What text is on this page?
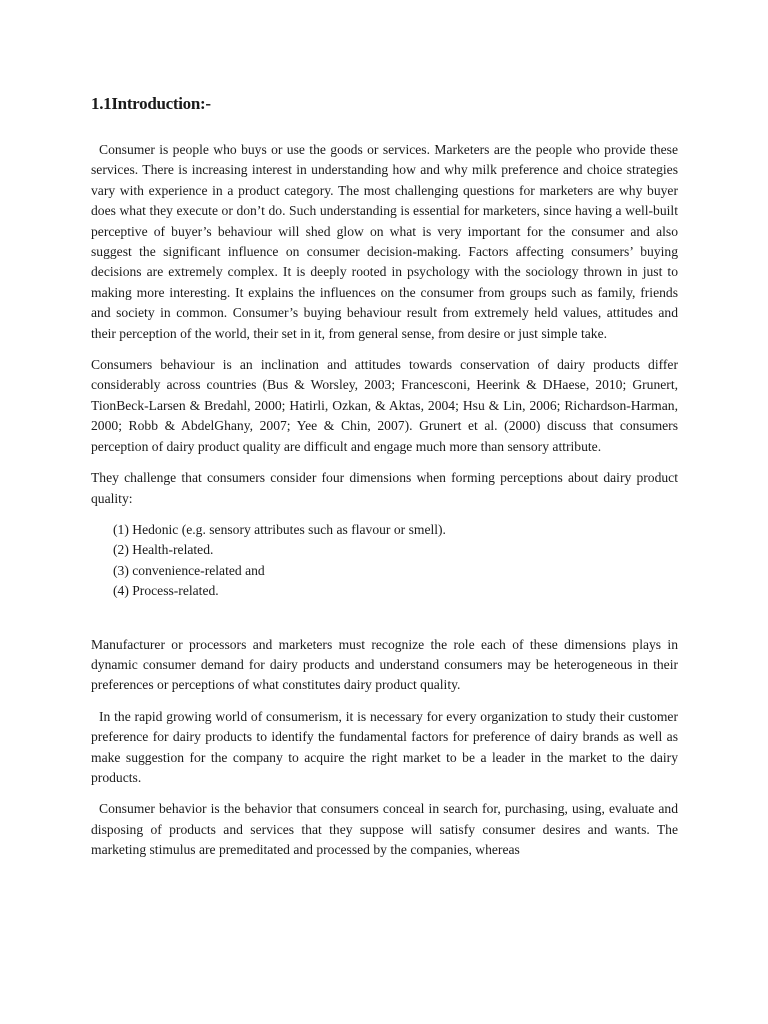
1.1Introduction:-

Consumer is people who buys or use the goods or services. Marketers are the people who provide these services. There is increasing interest in understanding how and why milk preference and choice strategies vary with experience in a product category. The most challenging questions for marketers are why buyer does what they execute or don’t do. Such understanding is essential for marketers, since having a well-built perceptive of buyer’s behaviour will shed glow on what is very important for the consumer and also suggest the significant influence on consumer decision-making. Factors affecting consumers’ buying decisions are extremely complex. It is deeply rooted in psychology with the sociology thrown in just to making more interesting. It explains the influences on the consumer from groups such as family, friends and society in common. Consumer’s buying behaviour result from extremely held values, attitudes and their perception of the world, their set in it, from general sense, from desire or just simple take.

Consumers behaviour is an inclination and attitudes towards conservation of dairy products differ considerably across countries (Bus & Worsley, 2003; Francesconi, Heerink & DHaese, 2010; Grunert, TionBeck-Larsen & Bredahl, 2000; Hatirli, Ozkan, & Aktas, 2004; Hsu & Lin, 2006; Richardson-Harman, 2000; Robb & AbdelGhany, 2007; Yee & Chin, 2007). Grunert et al. (2000) discuss that consumers perception of dairy product quality are difficult and engage much more than sensory attribute.

They challenge that consumers consider four dimensions when forming perceptions about dairy product quality:

(1) Hedonic (e.g. sensory attributes such as flavour or smell).
(2) Health-related.
(3) convenience-related and
(4) Process-related.

Manufacturer or processors and marketers must recognize the role each of these dimensions plays in dynamic consumer demand for dairy products and understand consumers may be heterogeneous in their preferences or perceptions of what constitutes dairy product quality.

In the rapid growing world of consumerism, it is necessary for every organization to study their customer preference for dairy products to identify the fundamental factors for preference of dairy brands as well as make suggestion for the company to acquire the right market to be a leader in the market to the dairy products.

Consumer behavior is the behavior that consumers conceal in search for, purchasing, using, evaluate and disposing of products and services that they suppose will satisfy consumer desires and wants. The marketing stimulus are premeditated and processed by the companies, whereas
